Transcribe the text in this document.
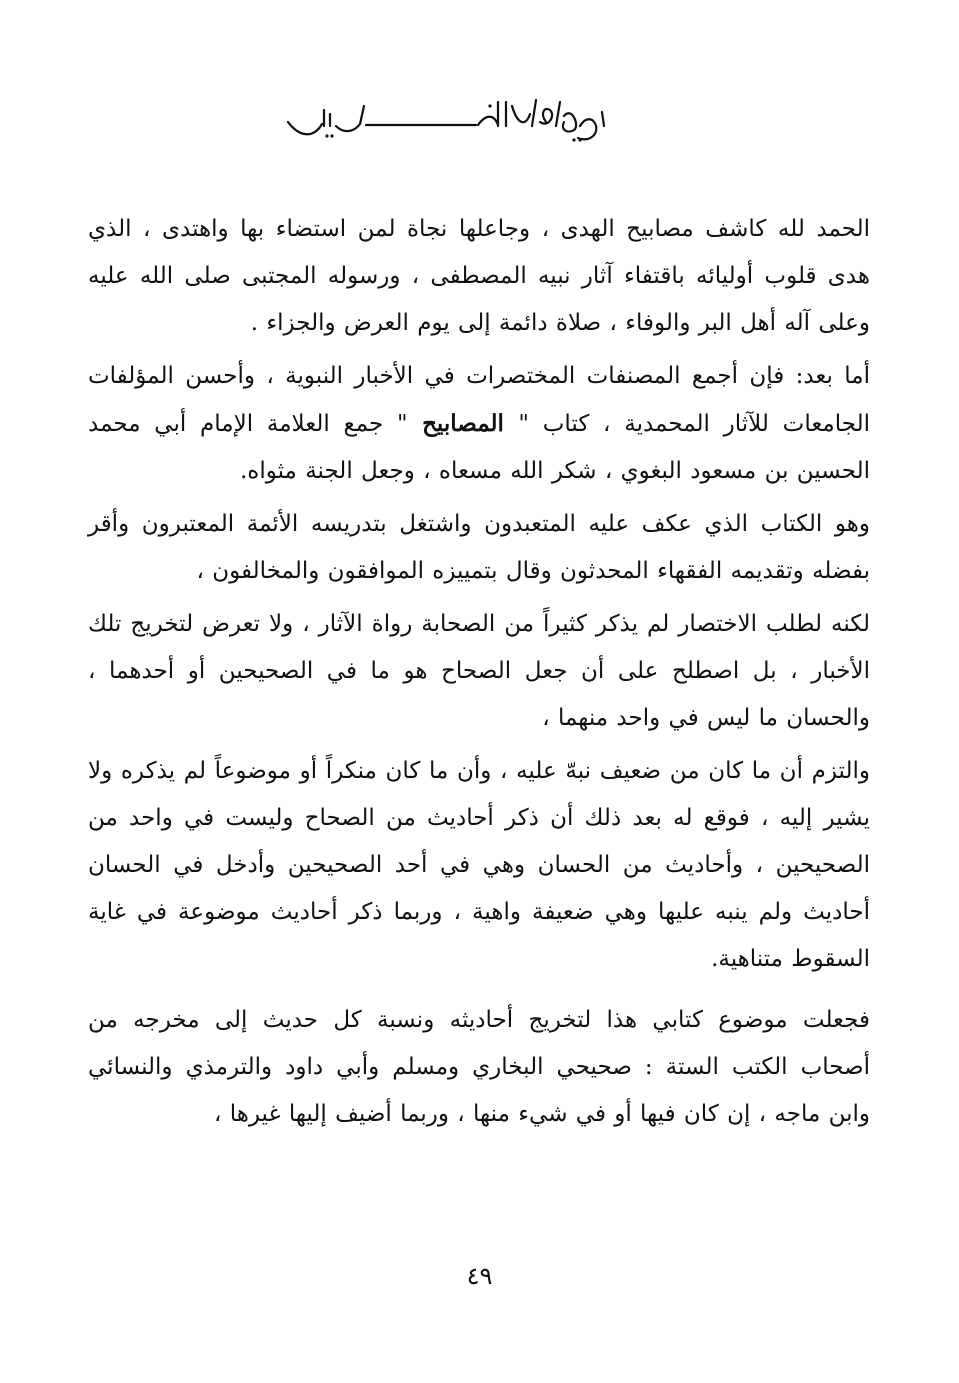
الحمد لله كاشف مصابيح الهدى ، وجاعلها نجاة لمن استضاء بها واهتدى ، الذي هدى قلوب أوليائه باقتفاء آثار نبيه المصطفى ، ورسوله المجتبى صلى الله عليه وعلى آله أهل البر والوفاء ، صلاة دائمة إلى يوم العرض والجزاء .

أما بعد: فإن أجمع المصنفات المختصرات في الأخبار النبوية ، وأحسن المؤلفات الجامعات للآثار المحمدية ، كتاب " المصابيح " جمع العلامة الإمام أبي محمد الحسين بن مسعود البغوي ، شكر الله مسعاه ، وجعل الجنة مثواه.

وهو الكتاب الذي عكف عليه المتعبدون واشتغل بتدريسه الأئمة المعتبرون وأقر بفضله وتقديمه الفقهاء المحدثون وقال بتمييزه الموافقون والمخالفون ،

لكنه لطلب الاختصار لم يذكر كثيراً من الصحابة رواة الآثار ، ولا تعرض لتخريج تلك الأخبار ، بل اصطلح على أن جعل الصحاح هو ما في الصحيحين أو أحدهما ، والحسان ما ليس في واحد منهما ،

والتزم أن ما كان من ضعيف نبهّ عليه ، وأن ما كان منكراً أو موضوعاً لم يذكره ولا يشير إليه ، فوقع له بعد ذلك أن ذكر أحاديث من الصحاح وليست في واحد من الصحيحين ، وأحاديث من الحسان وهي في أحد الصحيحين وأدخل في الحسان أحاديث ولم ينبه عليها وهي ضعيفة واهية ، وربما ذكر أحاديث موضوعة في غاية السقوط متناهية.

فجعلت موضوع كتابي هذا لتخريج أحاديثه ونسبة كل حديث إلى مخرجه من أصحاب الكتب الستة : صحيحي البخاري ومسلم وأبي داود والترمذي والنسائي وابن ماجه ، إن كان فيها أو في شيء منها ، وربما أضيف إليها غيرها ،

٤٩
